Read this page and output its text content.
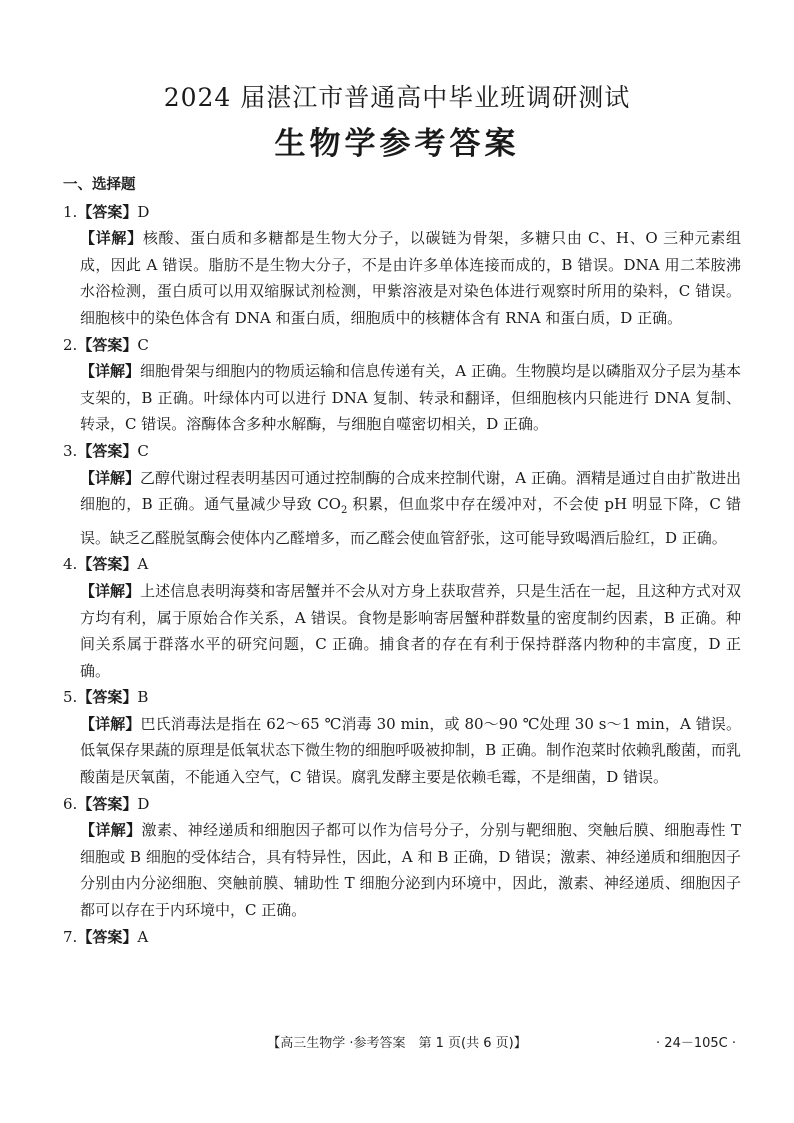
2024 届湛江市普通高中毕业班调研测试
生物学参考答案
一、选择题

1.【答案】D

【详解】核酸、蛋白质和多糖都是生物大分子，以碳链为骨架，多糖只由 C、H、O 三种元素组成，因此 A 错误。脂肪不是生物大分子，不是由许多单体连接而成的，B 错误。DNA 用二苯胺沸水浴检测，蛋白质可以用双缩脲试剂检测，甲紫溶液是对染色体进行观察时所用的染料，C 错误。细胞核中的染色体含有 DNA 和蛋白质，细胞质中的核糖体含有 RNA 和蛋白质，D 正确。

2.【答案】C

【详解】细胞骨架与细胞内的物质运输和信息传递有关，A 正确。生物膜均是以磷脂双分子层为基本支架的，B 正确。叶绿体内可以进行 DNA 复制、转录和翻译，但细胞核内只能进行 DNA 复制、转录，C 错误。溶酶体含多种水解酶，与细胞自噬密切相关，D 正确。

3.【答案】C

【详解】乙醇代谢过程表明基因可通过控制酶的合成来控制代谢，A 正确。酒精是通过自由扩散进出细胞的，B 正确。通气量减少导致 $CO_2$ 积累，但血浆中存在缓冲对，不会使 pH 明显下降，C 错误。缺乏乙醛脱氢酶会使体内乙醛增多，而乙醛会使血管舒张，这可能导致喝酒后脸红，D 正确。

4.【答案】A

【详解】上述信息表明海葵和寄居蟹并不会从对方身上获取营养，只是生活在一起，且这种方式对双方均有利，属于原始合作关系，A 错误。食物是影响寄居蟹种群数量的密度制约因素，B 正确。种间关系属于群落水平的研究问题，C 正确。捕食者的存在有利于保持群落内物种的丰富度，D 正确。

5.【答案】B

【详解】巴氏消毒法是指在 62～65 ℃消毒 30 min，或 80～90 ℃处理 30 s～1 min，A 错误。低氧保存果蔬的原理是低氧状态下微生物的细胞呼吸被抑制，B 正确。制作泡菜时依赖乳酸菌，而乳酸菌是厌氧菌，不能通入空气，C 错误。腐乳发酵主要是依赖毛霉，不是细菌，D 错误。

6.【答案】D

【详解】激素、神经递质和细胞因子都可以作为信号分子，分别与靶细胞、突触后膜、细胞毒性 T 细胞或 B 细胞的受体结合，具有特异性，因此，A 和 B 正确，D 错误；激素、神经递质和细胞因子分别由内分泌细胞、突触前膜、辅助性 T 细胞分泌到内环境中，因此，激素、神经递质、细胞因子都可以存在于内环境中，C 正确。

7.【答案】A

【高三生物学 ·参考答案　第 1 页(共 6 页)】	· 24－105C ·
